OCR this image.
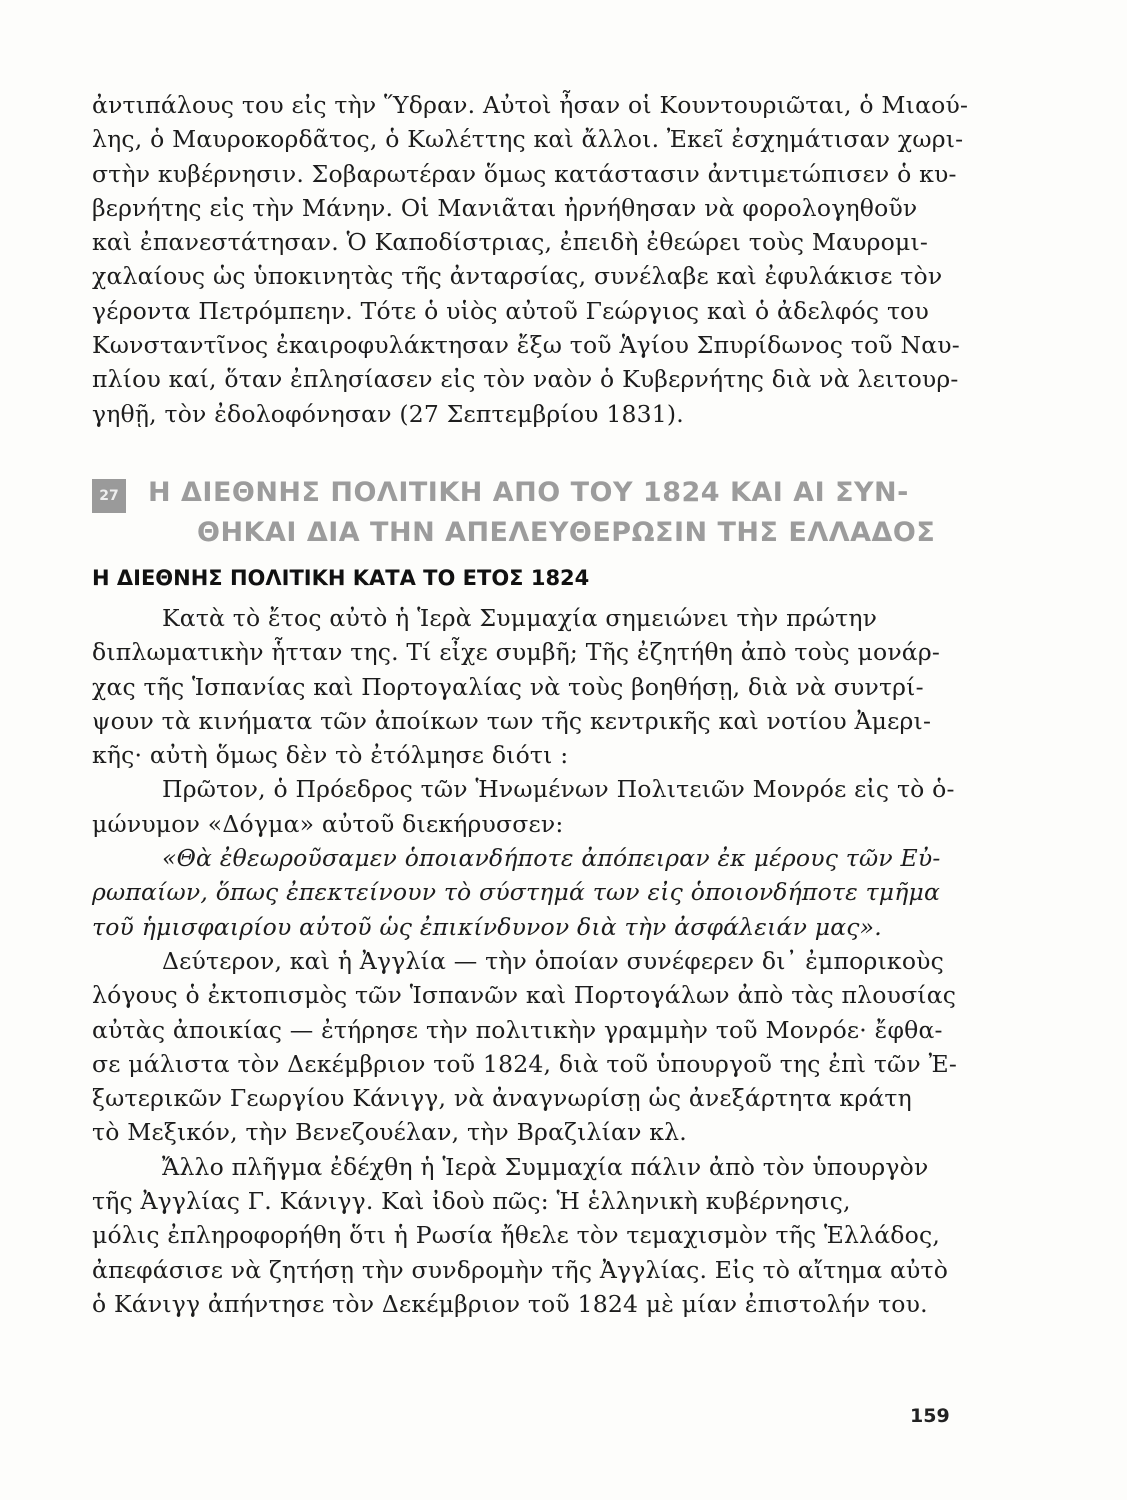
ἀντιπάλους του εἰς τὴν Ὕδραν. Αὐτοὶ ἦσαν οἱ Κουντουριῶται, ὁ Μιαού-
λης, ὁ Μαυροκορδᾶτος, ὁ Κωλέττης καὶ ἄλλοι. Ἐκεῖ ἐσχημάτισαν χωρι-
στὴν κυβέρνησιν. Σοβαρωτέραν ὅμως κατάστασιν ἀντιμετώπισεν ὁ κυ-
βερνήτης εἰς τὴν Μάνην. Οἱ Μανιᾶται ἠρνήθησαν νὰ φορολογηθοῦν
καὶ ἐπανεστάτησαν. Ὁ Καποδίστριας, ἐπειδὴ ἐθεώρει τοὺς Μαυρομι-
χαλαίους ὡς ὑποκινητὰς τῆς ἀνταρσίας, συνέλαβε καὶ ἐφυλάκισε τὸν
γέροντα Πετρόμπεην. Τότε ὁ υἱὸς αὐτοῦ Γεώργιος καὶ ὁ ἀδελφός του
Κωνσταντῖνος ἐκαιροφυλάκτησαν ἔξω τοῦ Ἁγίου Σπυρίδωνος τοῦ Ναυ-
πλίου καί, ὅταν ἐπλησίασεν εἰς τὸν ναὸν ὁ Κυβερνήτης διὰ νὰ λειτουρ-
γηθῇ, τὸν ἐδολοφόνησαν (27 Σεπτεμβρίου 1831).
27	Η ΔΙΕΘΝΗΣ ΠΟΛΙΤΙΚΗ ΑΠΟ ΤΟΥ 1824 ΚΑΙ ΑΙ ΣΥΝ-
ΘΗΚΑΙ ΔΙΑ ΤΗΝ ΑΠΕΛΕΥΘΕΡΩΣΙΝ ΤΗΣ ΕΛΛΑΔΟΣ
Η ΔΙΕΘΝΗΣ ΠΟΛΙΤΙΚΗ ΚΑΤΑ ΤΟ ΕΤΟΣ 1824
Κατὰ τὸ ἔτος αὐτὸ ἡ Ἱερὰ Συμμαχία σημειώνει τὴν πρώτην
διπλωματικὴν ἧτταν της. Τί εἶχε συμβῆ; Τῆς ἐζητήθη ἀπὸ τοὺς μονάρ-
χας τῆς Ἱσπανίας καὶ Πορτογαλίας νὰ τοὺς βοηθήσῃ, διὰ νὰ συντρί-
ψουν τὰ κινήματα τῶν ἀποίκων των τῆς κεντρικῆς καὶ νοτίου Ἀμερι-
κῆς· αὐτὴ ὅμως δὲν τὸ ἐτόλμησε διότι :
Πρῶτον, ὁ Πρόεδρος τῶν Ἡνωμένων Πολιτειῶν Μονρόε εἰς τὸ ὁ-
μώνυμον «Δόγμα» αὐτοῦ διεκήρυσσεν:
«Θὰ ἐθεωροῦσαμεν ὁποιανδήποτε ἀπόπειραν ἐκ μέρους τῶν Εὐ-
ρωπαίων, ὅπως ἐπεκτείνουν τὸ σύστημά των εἰς ὁποιονδήποτε τμῆμα
τοῦ ἡμισφαιρίου αὐτοῦ ὡς ἐπικίνδυνον διὰ τὴν ἀσφάλειάν μας».
Δεύτερον, καὶ ἡ Ἀγγλία — τὴν ὁποίαν συνέφερεν δι᾽ ἐμπορικοὺς
λόγους ὁ ἐκτοπισμὸς τῶν Ἱσπανῶν καὶ Πορτογάλων ἀπὸ τὰς πλουσίας
αὐτὰς ἀποικίας — ἐτήρησε τὴν πολιτικὴν γραμμὴν τοῦ Μονρόε· ἔφθα-
σε μάλιστα τὸν Δεκέμβριον τοῦ 1824, διὰ τοῦ ὑπουργοῦ της ἐπὶ τῶν Ἐ-
ξωτερικῶν Γεωργίου Κάνιγγ, νὰ ἀναγνωρίσῃ ὡς ἀνεξάρτητα κράτη
τὸ Μεξικόν, τὴν Βενεζουέλαν, τὴν Βραζιλίαν κλ.
Ἄλλο πλῆγμα ἐδέχθη ἡ Ἱερὰ Συμμαχία πάλιν ἀπὸ τὸν ὑπουργὸν
τῆς Ἀγγλίας Γ. Κάνιγγ. Καὶ ἰδοὺ πῶς: Ἡ ἑλληνικὴ κυβέρνησις,
μόλις ἐπληροφορήθη ὅτι ἡ Ρωσία ἤθελε τὸν τεμαχισμὸν τῆς Ἑλλάδος,
ἀπεφάσισε νὰ ζητήσῃ τὴν συνδρομὴν τῆς Ἀγγλίας. Εἰς τὸ αἴτημα αὐτὸ
ὁ Κάνιγγ ἀπήντησε τὸν Δεκέμβριον τοῦ 1824 μὲ μίαν ἐπιστολήν του.
159
